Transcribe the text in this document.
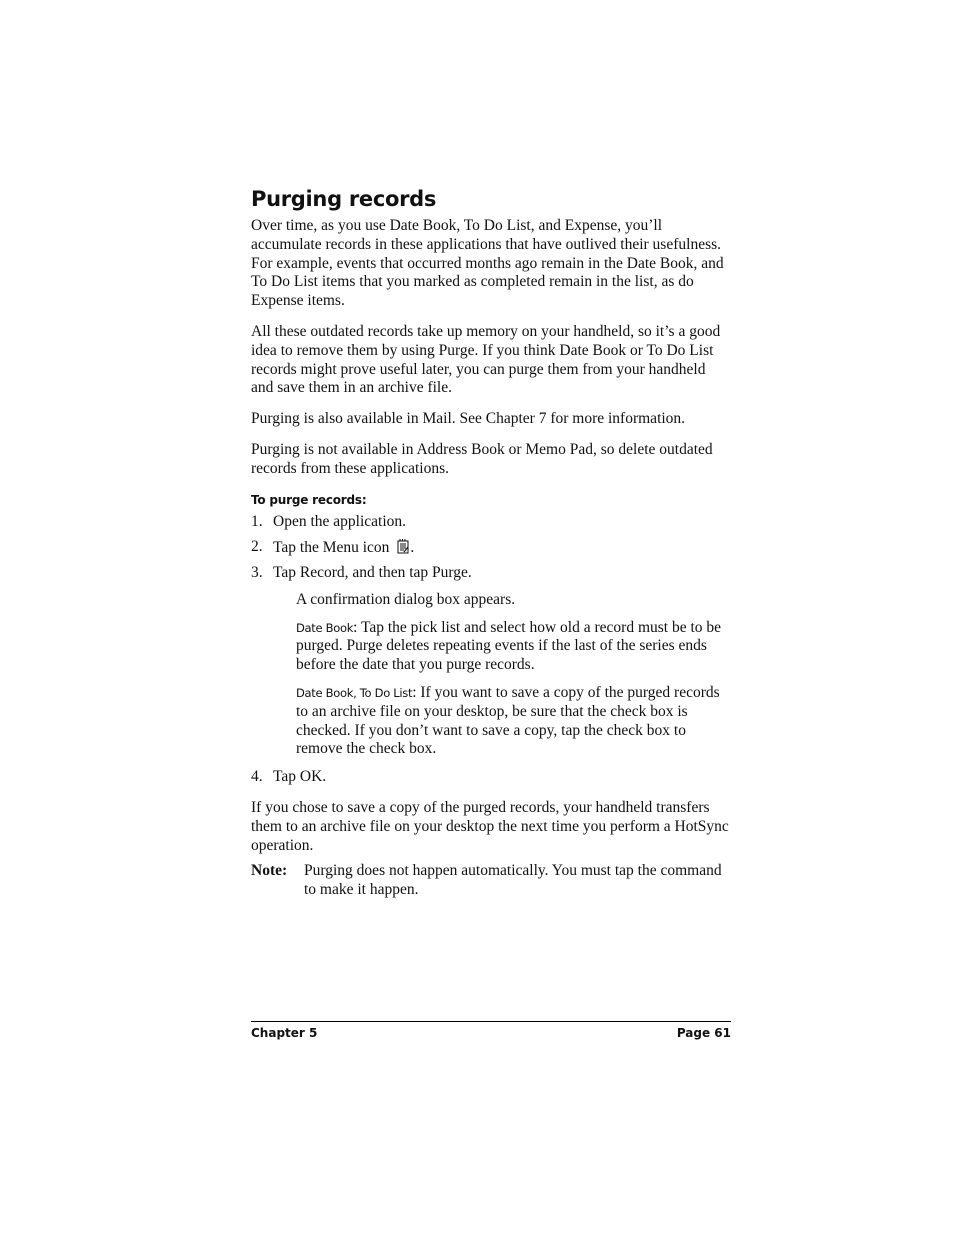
Purging records

Over time, as you use Date Book, To Do List, and Expense, you’ll accumulate records in these applications that have outlived their usefulness. For example, events that occurred months ago remain in the Date Book, and To Do List items that you marked as completed remain in the list, as do Expense items.

All these outdated records take up memory on your handheld, so it’s a good idea to remove them by using Purge. If you think Date Book or To Do List records might prove useful later, you can purge them from your handheld and save them in an archive file.

Purging is also available in Mail. See Chapter 7 for more information.

Purging is not available in Address Book or Memo Pad, so delete outdated records from these applications.

To purge records:
1. Open the application.
2. Tap the Menu icon .
3. Tap Record, and then tap Purge.

A confirmation dialog box appears.

Date Book: Tap the pick list and select how old a record must be to be purged. Purge deletes repeating events if the last of the series ends before the date that you purge records.

Date Book, To Do List: If you want to save a copy of the purged records to an archive file on your desktop, be sure that the check box is checked. If you don’t want to save a copy, tap the check box to remove the check box.

4. Tap OK.

If you chose to save a copy of the purged records, your handheld transfers them to an archive file on your desktop the next time you perform a HotSync operation.

Note: Purging does not happen automatically. You must tap the command to make it happen.
Chapter 5	Page 61
